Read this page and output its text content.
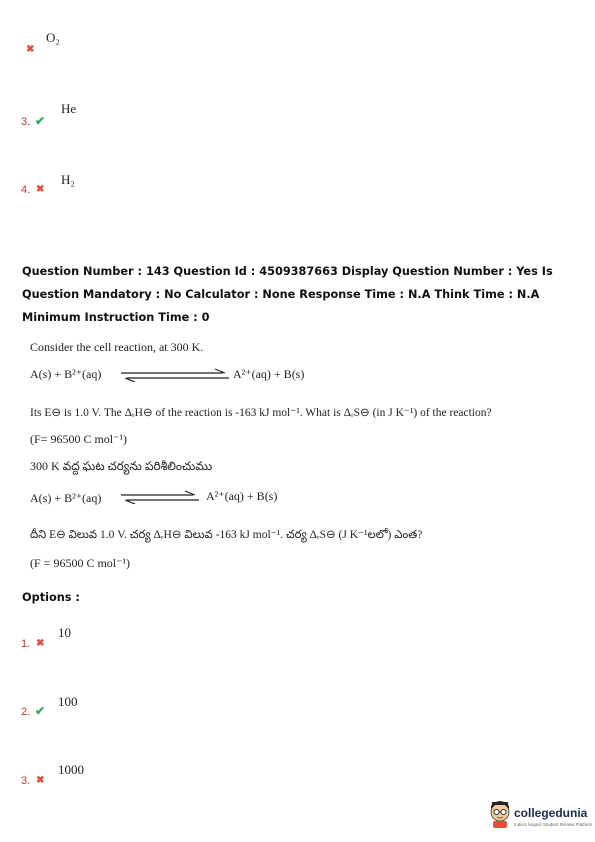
✖
O₂
3. ✔
He
4. ✖
H₂
Question Number : 143 Question Id : 4509387663 Display Question Number : Yes Is Question Mandatory : No Calculator : None Response Time : N.A Think Time : N.A Minimum Instruction Time : 0
Consider the cell reaction, at 300 K.
A(s) + B²⁺(aq)	A²⁺(aq) + B(s)
Its E⊖ is 1.0 V. The ΔᵣH⊖ of the reaction is -163 kJ mol⁻¹. What is ΔᵣS⊖ (in J K⁻¹) of the reaction?
(F= 96500 C mol⁻¹)
300 K వద్ద ఘట చర్యను పరిశీలించుము
A(s) + B²⁺(aq)	A²⁺(aq) + B(s)
దీని E⊖ విలువ 1.0 V. చర్య ΔᵣH⊖ విలువ -163 kJ mol⁻¹. చర్య ΔᵣS⊖ (J K⁻¹లలో) ఎంత?
(F = 96500 C mol⁻¹)
Options :
1. ✖
10
2. ✔
100
3. ✖
1000
collegedunia
India's largest Student Review Platform
